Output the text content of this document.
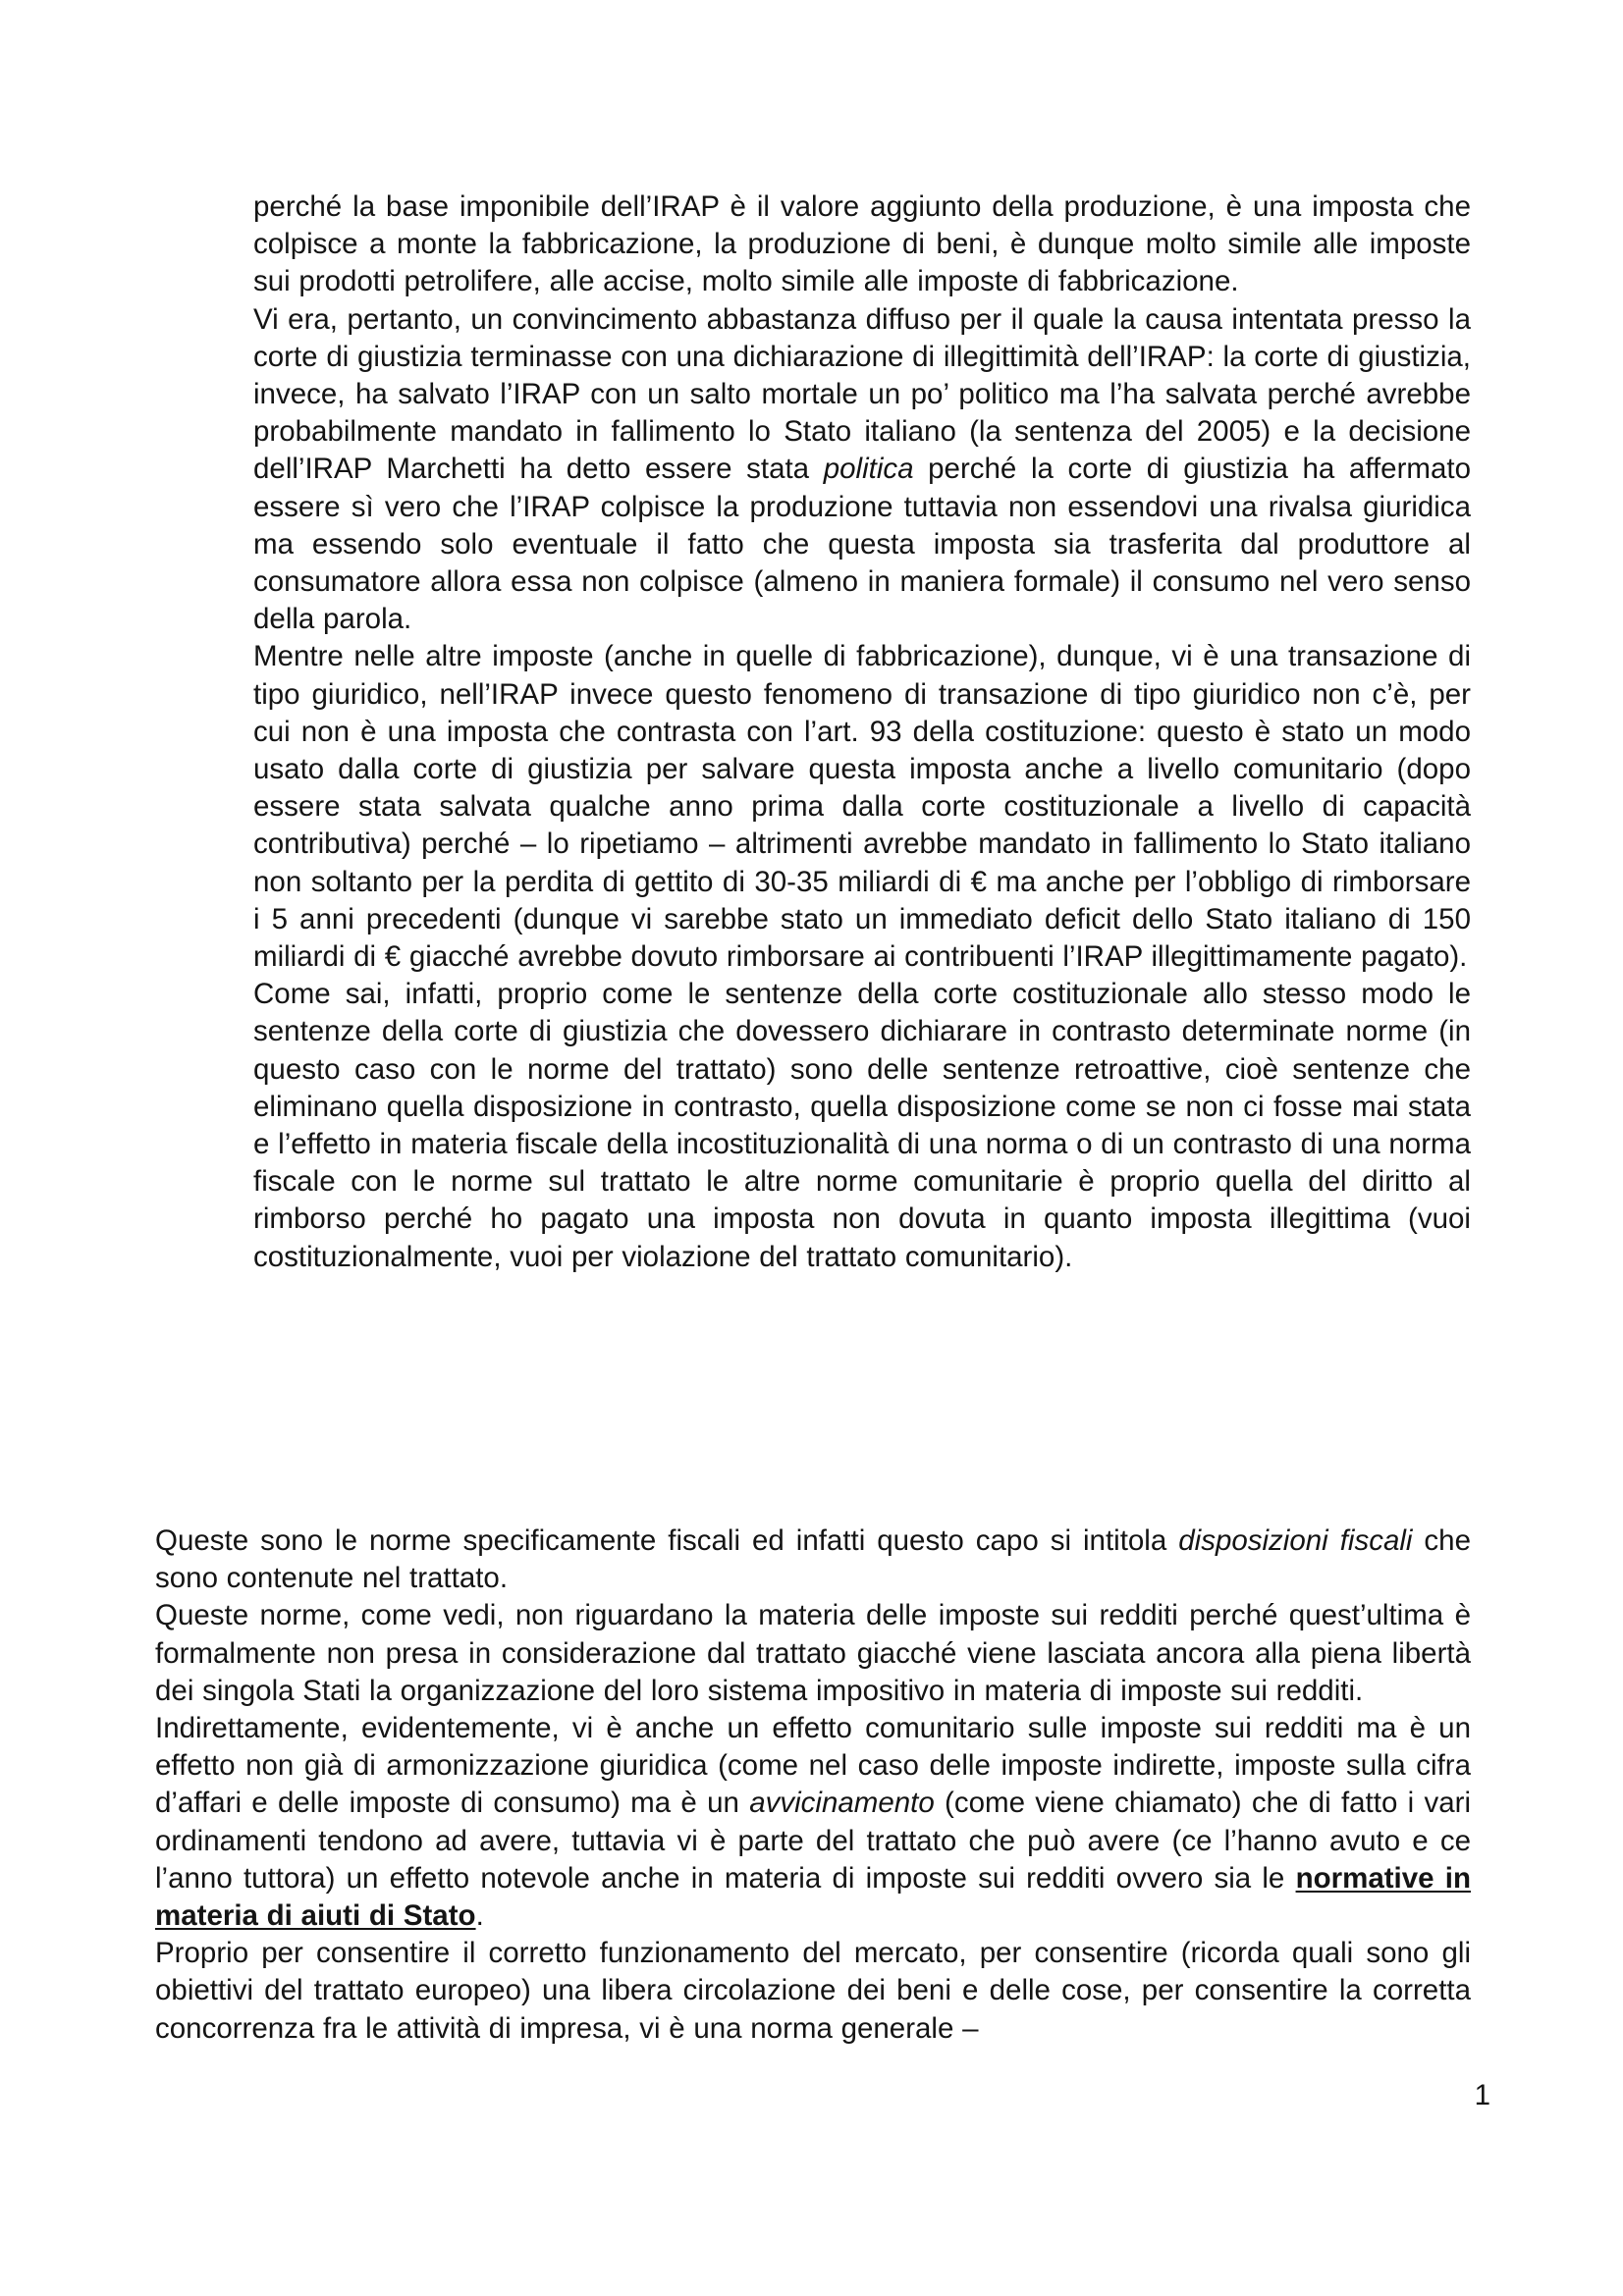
perché la base imponibile dell’IRAP è il valore aggiunto della produzione, è una imposta che colpisce a monte la fabbricazione, la produzione di beni, è dunque molto simile alle imposte sui prodotti petrolifere, alle accise, molto simile alle imposte di fabbricazione.

Vi era, pertanto, un convincimento abbastanza diffuso per il quale la causa intentata presso la corte di giustizia terminasse con una dichiarazione di illegittimità dell’IRAP: la corte di giustizia, invece, ha salvato l’IRAP con un salto mortale un po’ politico ma l’ha salvata perché avrebbe probabilmente mandato in fallimento lo Stato italiano (la sentenza del 2005) e la decisione dell’IRAP Marchetti ha detto essere stata politica perché la corte di giustizia ha affermato essere sì vero che l’IRAP colpisce la produzione tuttavia non essendovi una rivalsa giuridica ma essendo solo eventuale il fatto che questa imposta sia trasferita dal produttore al consumatore allora essa non colpisce (almeno in maniera formale) il consumo nel vero senso della parola.

Mentre nelle altre imposte (anche in quelle di fabbricazione), dunque, vi è una transazione di tipo giuridico, nell’IRAP invece questo fenomeno di transazione di tipo giuridico non c’è, per cui non è una imposta che contrasta con l’art. 93 della costituzione: questo è stato un modo usato dalla corte di giustizia per salvare questa imposta anche a livello comunitario (dopo essere stata salvata qualche anno prima dalla corte costituzionale a livello di capacità contributiva) perché – lo ripetiamo – altrimenti avrebbe mandato in fallimento lo Stato italiano non soltanto per la perdita di gettito di 30-35 miliardi di € ma anche per l’obbligo di rimborsare i 5 anni precedenti (dunque vi sarebbe stato un immediato deficit dello Stato italiano di 150 miliardi di € giacché avrebbe dovuto rimborsare ai contribuenti l’IRAP illegittimamente pagato).

Come sai, infatti, proprio come le sentenze della corte costituzionale allo stesso modo le sentenze della corte di giustizia che dovessero dichiarare in contrasto determinate norme (in questo caso con le norme del trattato) sono delle sentenze retroattive, cioè sentenze che eliminano quella disposizione in contrasto, quella disposizione come se non ci fosse mai stata e l’effetto in materia fiscale della incostituzionalità di una norma o di un contrasto di una norma fiscale con le norme sul trattato le altre norme comunitarie è proprio quella del diritto al rimborso perché ho pagato una imposta non dovuta in quanto imposta illegittima (vuoi costituzionalmente, vuoi per violazione del trattato comunitario).

Queste sono le norme specificamente fiscali ed infatti questo capo si intitola disposizioni fiscali che sono contenute nel trattato.

Queste norme, come vedi, non riguardano la materia delle imposte sui redditi perché quest’ultima è formalmente non presa in considerazione dal trattato giacché viene lasciata ancora alla piena libertà dei singola Stati la organizzazione del loro sistema impositivo in materia di imposte sui redditi.

Indirettamente, evidentemente, vi è anche un effetto comunitario sulle imposte sui redditi ma è un effetto non già di armonizzazione giuridica (come nel caso delle imposte indirette, imposte sulla cifra d’affari e delle imposte di consumo) ma è un avvicinamento (come viene chiamato) che di fatto i vari ordinamenti tendono ad avere, tuttavia vi è parte del trattato che può avere (ce l’hanno avuto e ce l’anno tuttora) un effetto notevole anche in materia di imposte sui redditi ovvero sia le normative in materia di aiuti di Stato.

Proprio per consentire il corretto funzionamento del mercato, per consentire (ricorda quali sono gli obiettivi del trattato europeo) una libera circolazione dei beni e delle cose, per consentire la corretta concorrenza fra le attività di impresa, vi è una norma generale –

1
